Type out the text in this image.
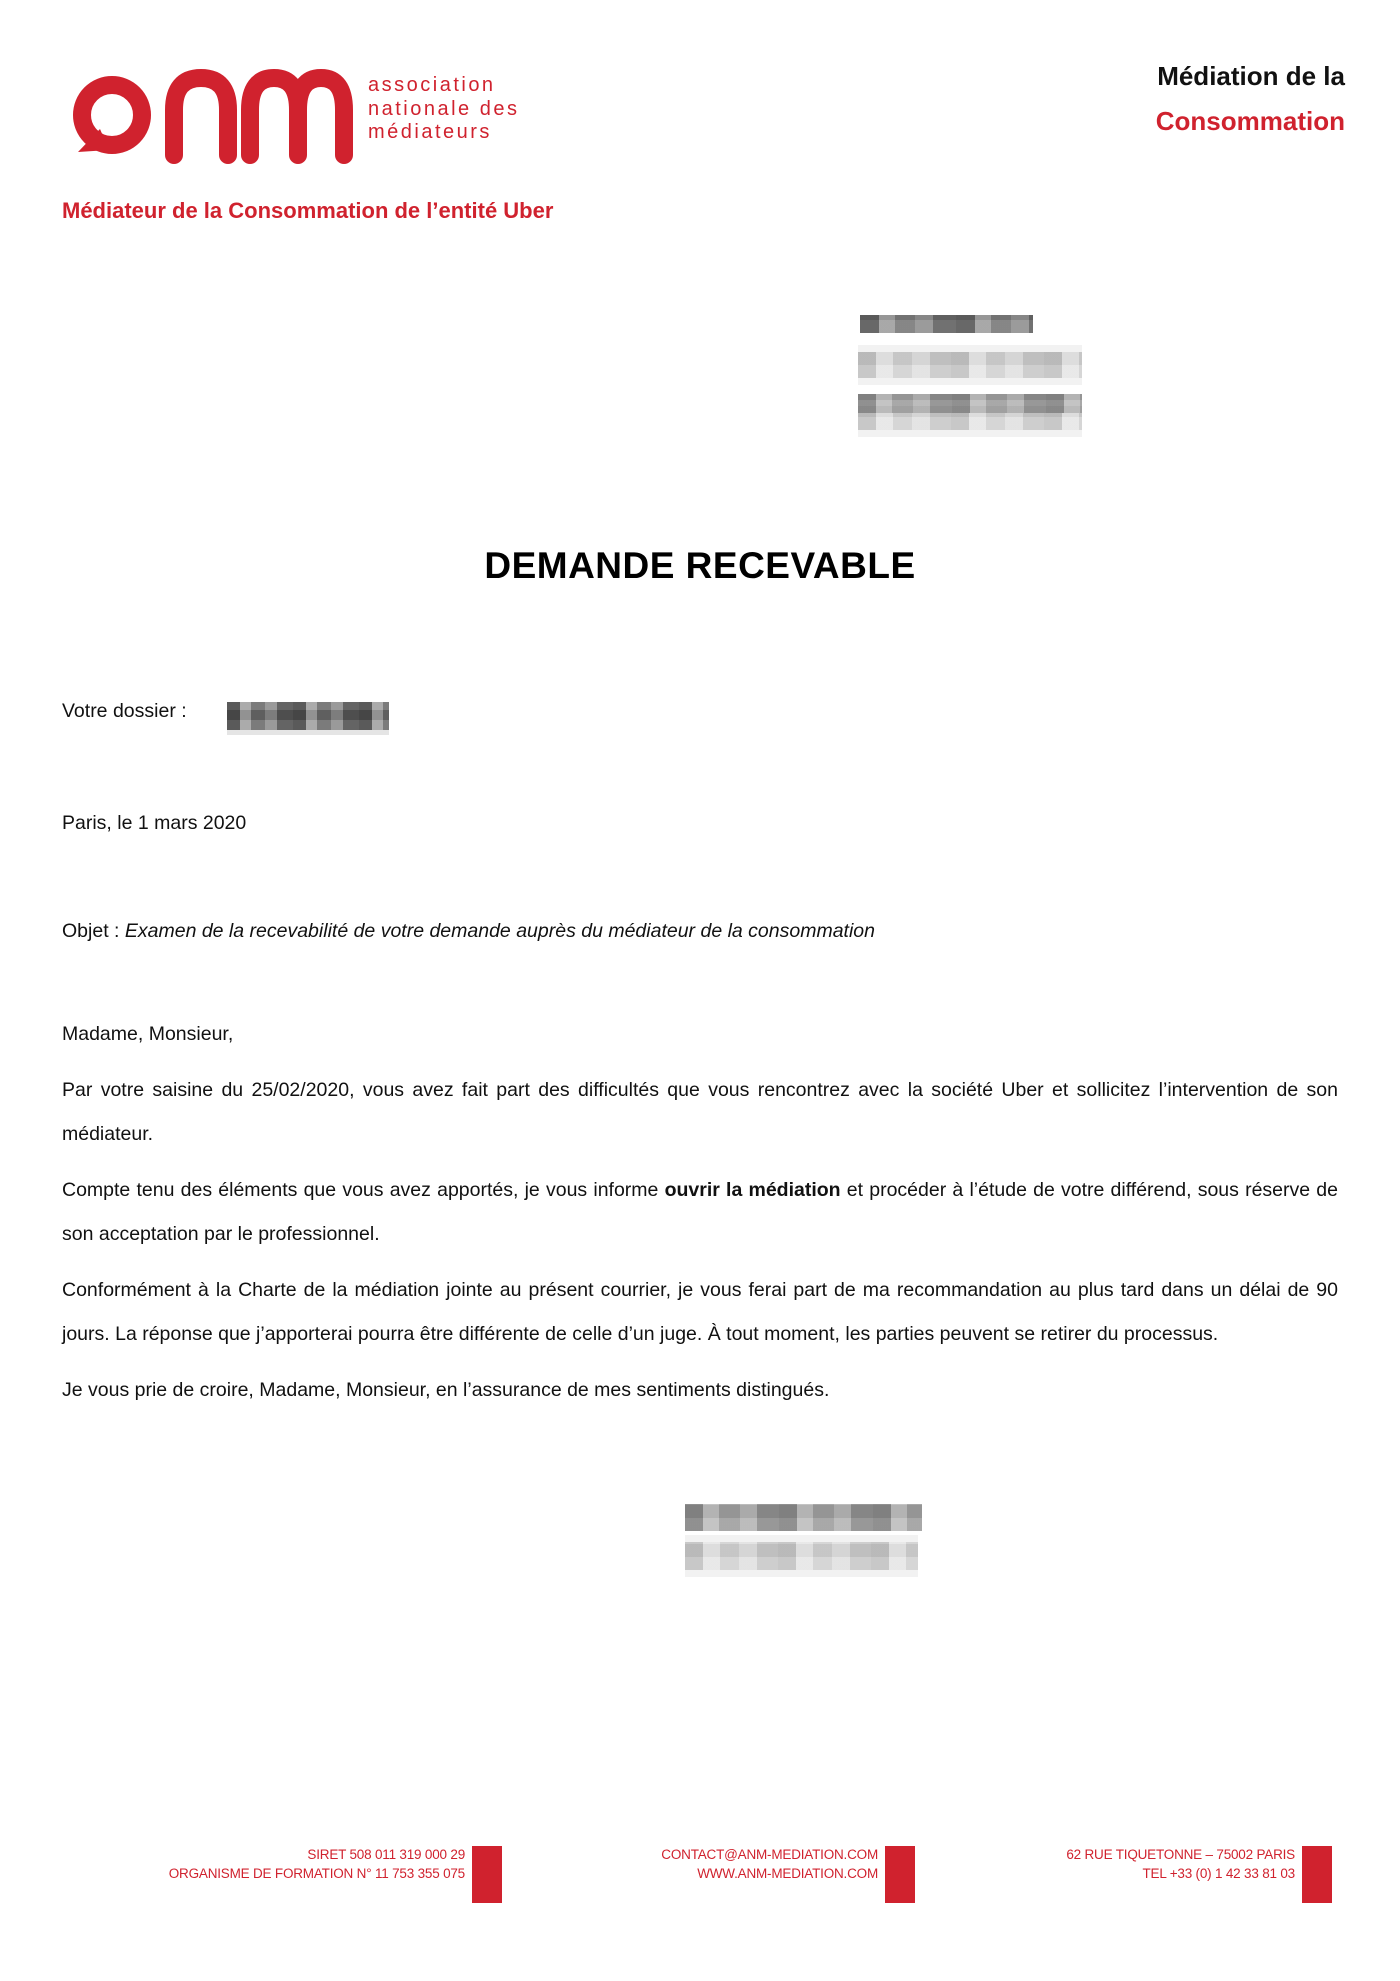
association
nationale des
médiateurs
Médiation de la
Consommation
Médiateur de la Consommation de l’entité Uber
DEMANDE RECEVABLE
Votre dossier :
Paris, le 1 mars 2020
Objet : Examen de la recevabilité de votre demande auprès du médiateur de la consommation

Madame, Monsieur,

Par votre saisine du 25/02/2020, vous avez fait part des difficultés que vous rencontrez avec la société Uber et sollicitez l’intervention de son médiateur.

Compte tenu des éléments que vous avez apportés, je vous informe ouvrir la médiation et procéder à l’étude de votre différend, sous réserve de son acceptation par le professionnel.

Conformément à la Charte de la médiation jointe au présent courrier, je vous ferai part de ma recommandation au plus tard dans un délai de 90 jours. La réponse que j’apporterai pourra être différente de celle d’un juge. À tout moment, les parties peuvent se retirer du processus.

Je vous prie de croire, Madame, Monsieur, en l’assurance de mes sentiments distingués.

SIRET 508 011 319 000 29
ORGANISME DE FORMATION N° 11 753 355 075
CONTACT@ANM-MEDIATION.COM
WWW.ANM-MEDIATION.COM
62 RUE TIQUETONNE – 75002 PARIS
TEL +33 (0) 1 42 33 81 03
